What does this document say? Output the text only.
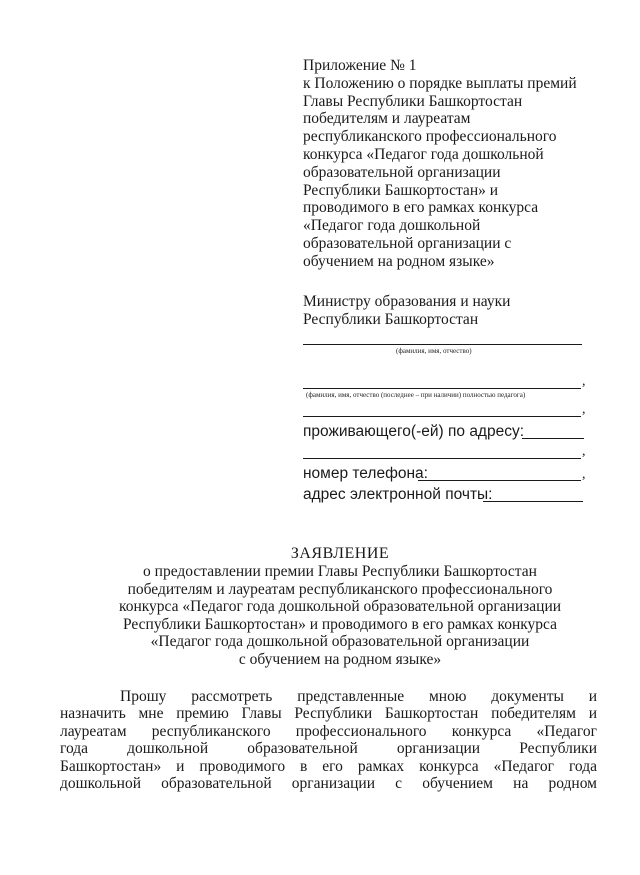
Приложение № 1
к Положению о порядке выплаты премий
Главы Республики Башкортостан
победителям и лауреатам
республиканского профессионального
конкурса «Педагог года дошкольной
образовательной организации
Республики Башкортостан» и
проводимого в его рамках конкурса
«Педагог года дошкольной
образовательной организации с
обучением на родном языке»
Министру образования и науки
Республики Башкортостан
(фамилия, имя, отчество)
,
(фамилия, имя, отчество (последнее – при наличии) полностью педагога)
,
проживающего(-ей) по адресу:
,
номер телефона:	,
адрес электронной почты:
ЗАЯВЛЕНИЕ
о предоставлении премии Главы Республики Башкортостан
победителям и лауреатам республиканского профессионального
конкурса «Педагог года дошкольной образовательной организации
Республики Башкортостан» и проводимого в его рамках конкурса
«Педагог года дошкольной образовательной организации
с обучением на родном языке»
Прошу рассмотреть представленные мною документы и
назначить мне премию Главы Республики Башкортостан победителям и
лауреатам республиканского профессионального конкурса «Педагог
года дошкольной образовательной организации Республики
Башкортостан» и проводимого в его рамках конкурса «Педагог года
дошкольной образовательной организации с обучением на родном
